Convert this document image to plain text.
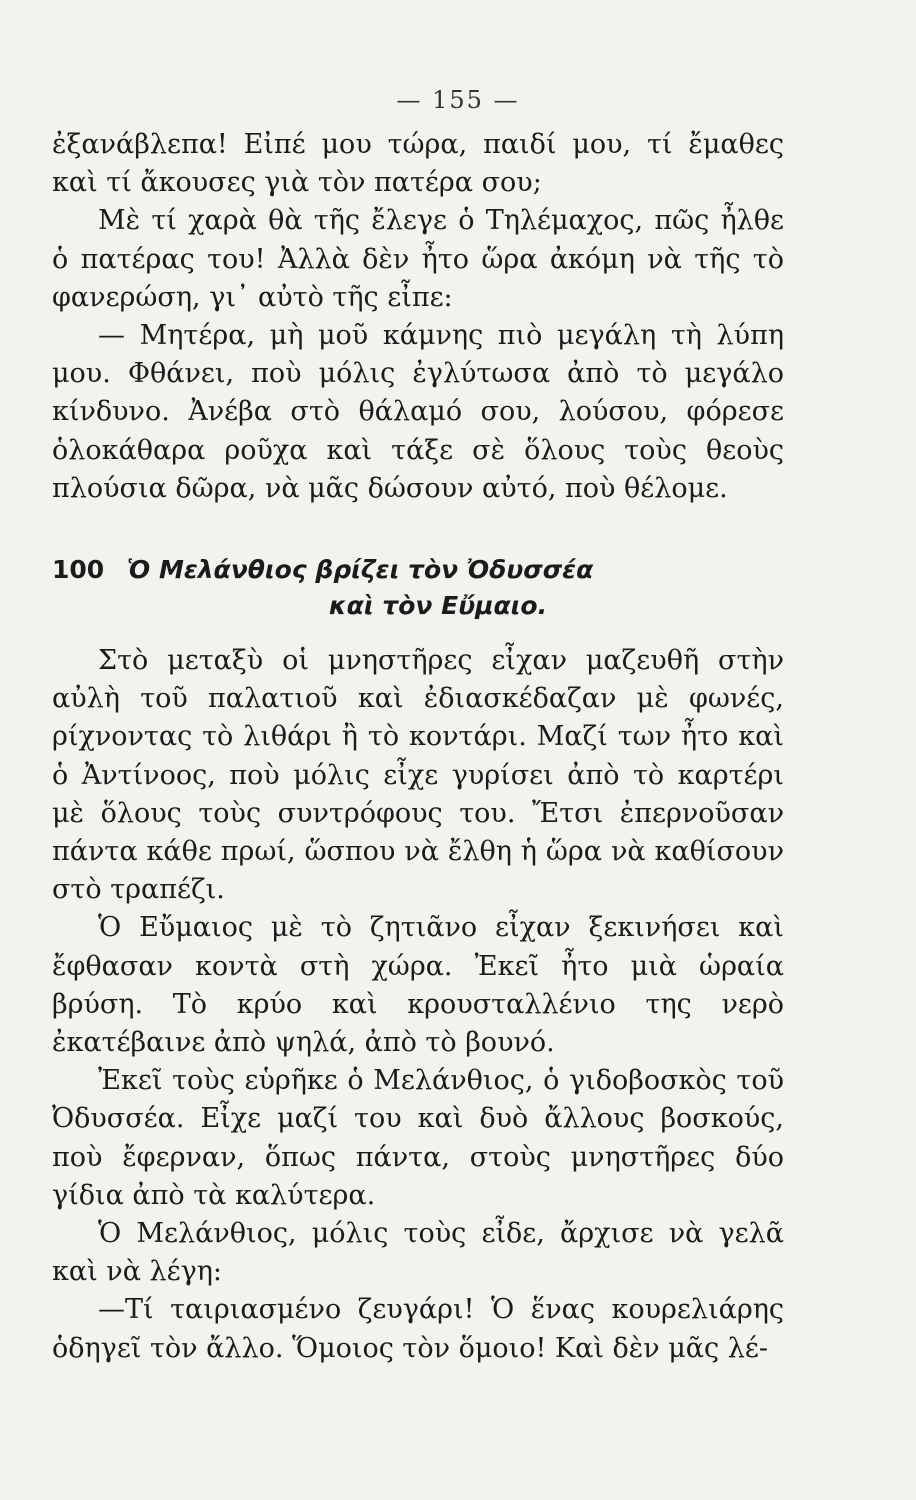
— 155 —

ἐξανάβλεπα! Εἰπέ μου τώρα, παιδί μου, τί ἔμαθες καὶ τί ἄκουσες γιὰ τὸν πατέρα σου;

Μὲ τί χαρὰ θὰ τῆς ἔλεγε ὁ Τηλέμαχος, πῶς ἦλθε ὁ πατέρας του! Ἀλλὰ δὲν ἦτο ὥρα ἀκόμη νὰ τῆς τὸ φανερώση, γι᾽ αὐτὸ τῆς εἶπε:

— Μητέρα, μὴ μοῦ κάμνης πιὸ μεγάλη τὴ λύπη μου. Φθάνει, ποὺ μόλις ἐγλύτωσα ἀπὸ τὸ μεγάλο κίνδυνο. Ἀνέβα στὸ θάλαμό σου, λούσου, φόρεσε ὁλοκάθαρα ροῦχα καὶ τάξε σὲ ὅλους τοὺς θεοὺς πλούσια δῶρα, νὰ μᾶς δώσουν αὐτό, ποὺ θέλομε.

100 Ὁ Μελάνθιος βρίζει τὸν Ὀδυσσέα
καὶ τὸν Εὔμαιο.

Στὸ μεταξὺ οἱ μνηστῆρες εἶχαν μαζευθῆ στὴν αὐλὴ τοῦ παλατιοῦ καὶ ἐδιασκέδαζαν μὲ φωνές, ρίχνοντας τὸ λιθάρι ἢ τὸ κοντάρι. Μαζί των ἦτο καὶ ὁ Ἀντίνοος, ποὺ μόλις εἶχε γυρίσει ἀπὸ τὸ καρτέρι μὲ ὅλους τοὺς συντρόφους του. Ἔτσι ἐπερνοῦσαν πάντα κάθε πρωί, ὥσπου νὰ ἔλθη ἡ ὥρα νὰ καθίσουν στὸ τραπέζι.

Ὁ Εὔμαιος μὲ τὸ ζητιᾶνο εἶχαν ξεκινήσει καὶ ἔφθασαν κοντὰ στὴ χώρα. Ἐκεῖ ἦτο μιὰ ὡραία βρύση. Τὸ κρύο καὶ κρουσταλλένιο της νερὸ ἐκατέβαινε ἀπὸ ψηλά, ἀπὸ τὸ βουνό.

Ἐκεῖ τοὺς εὑρῆκε ὁ Μελάνθιος, ὁ γιδοβοσκὸς τοῦ Ὀδυσσέα. Εἶχε μαζί του καὶ δυὸ ἄλλους βοσκούς, ποὺ ἔφερναν, ὅπως πάντα, στοὺς μνηστῆρες δύο γίδια ἀπὸ τὰ καλύτερα.

Ὁ Μελάνθιος, μόλις τοὺς εἶδε, ἄρχισε νὰ γελᾶ καὶ νὰ λέγη:

—Τί ταιριασμένο ζευγάρι! Ὁ ἕνας κουρελιάρης ὁδηγεῖ τὸν ἄλλο. Ὅμοιος τὸν ὅμοιο! Καὶ δὲν μᾶς λέ-
